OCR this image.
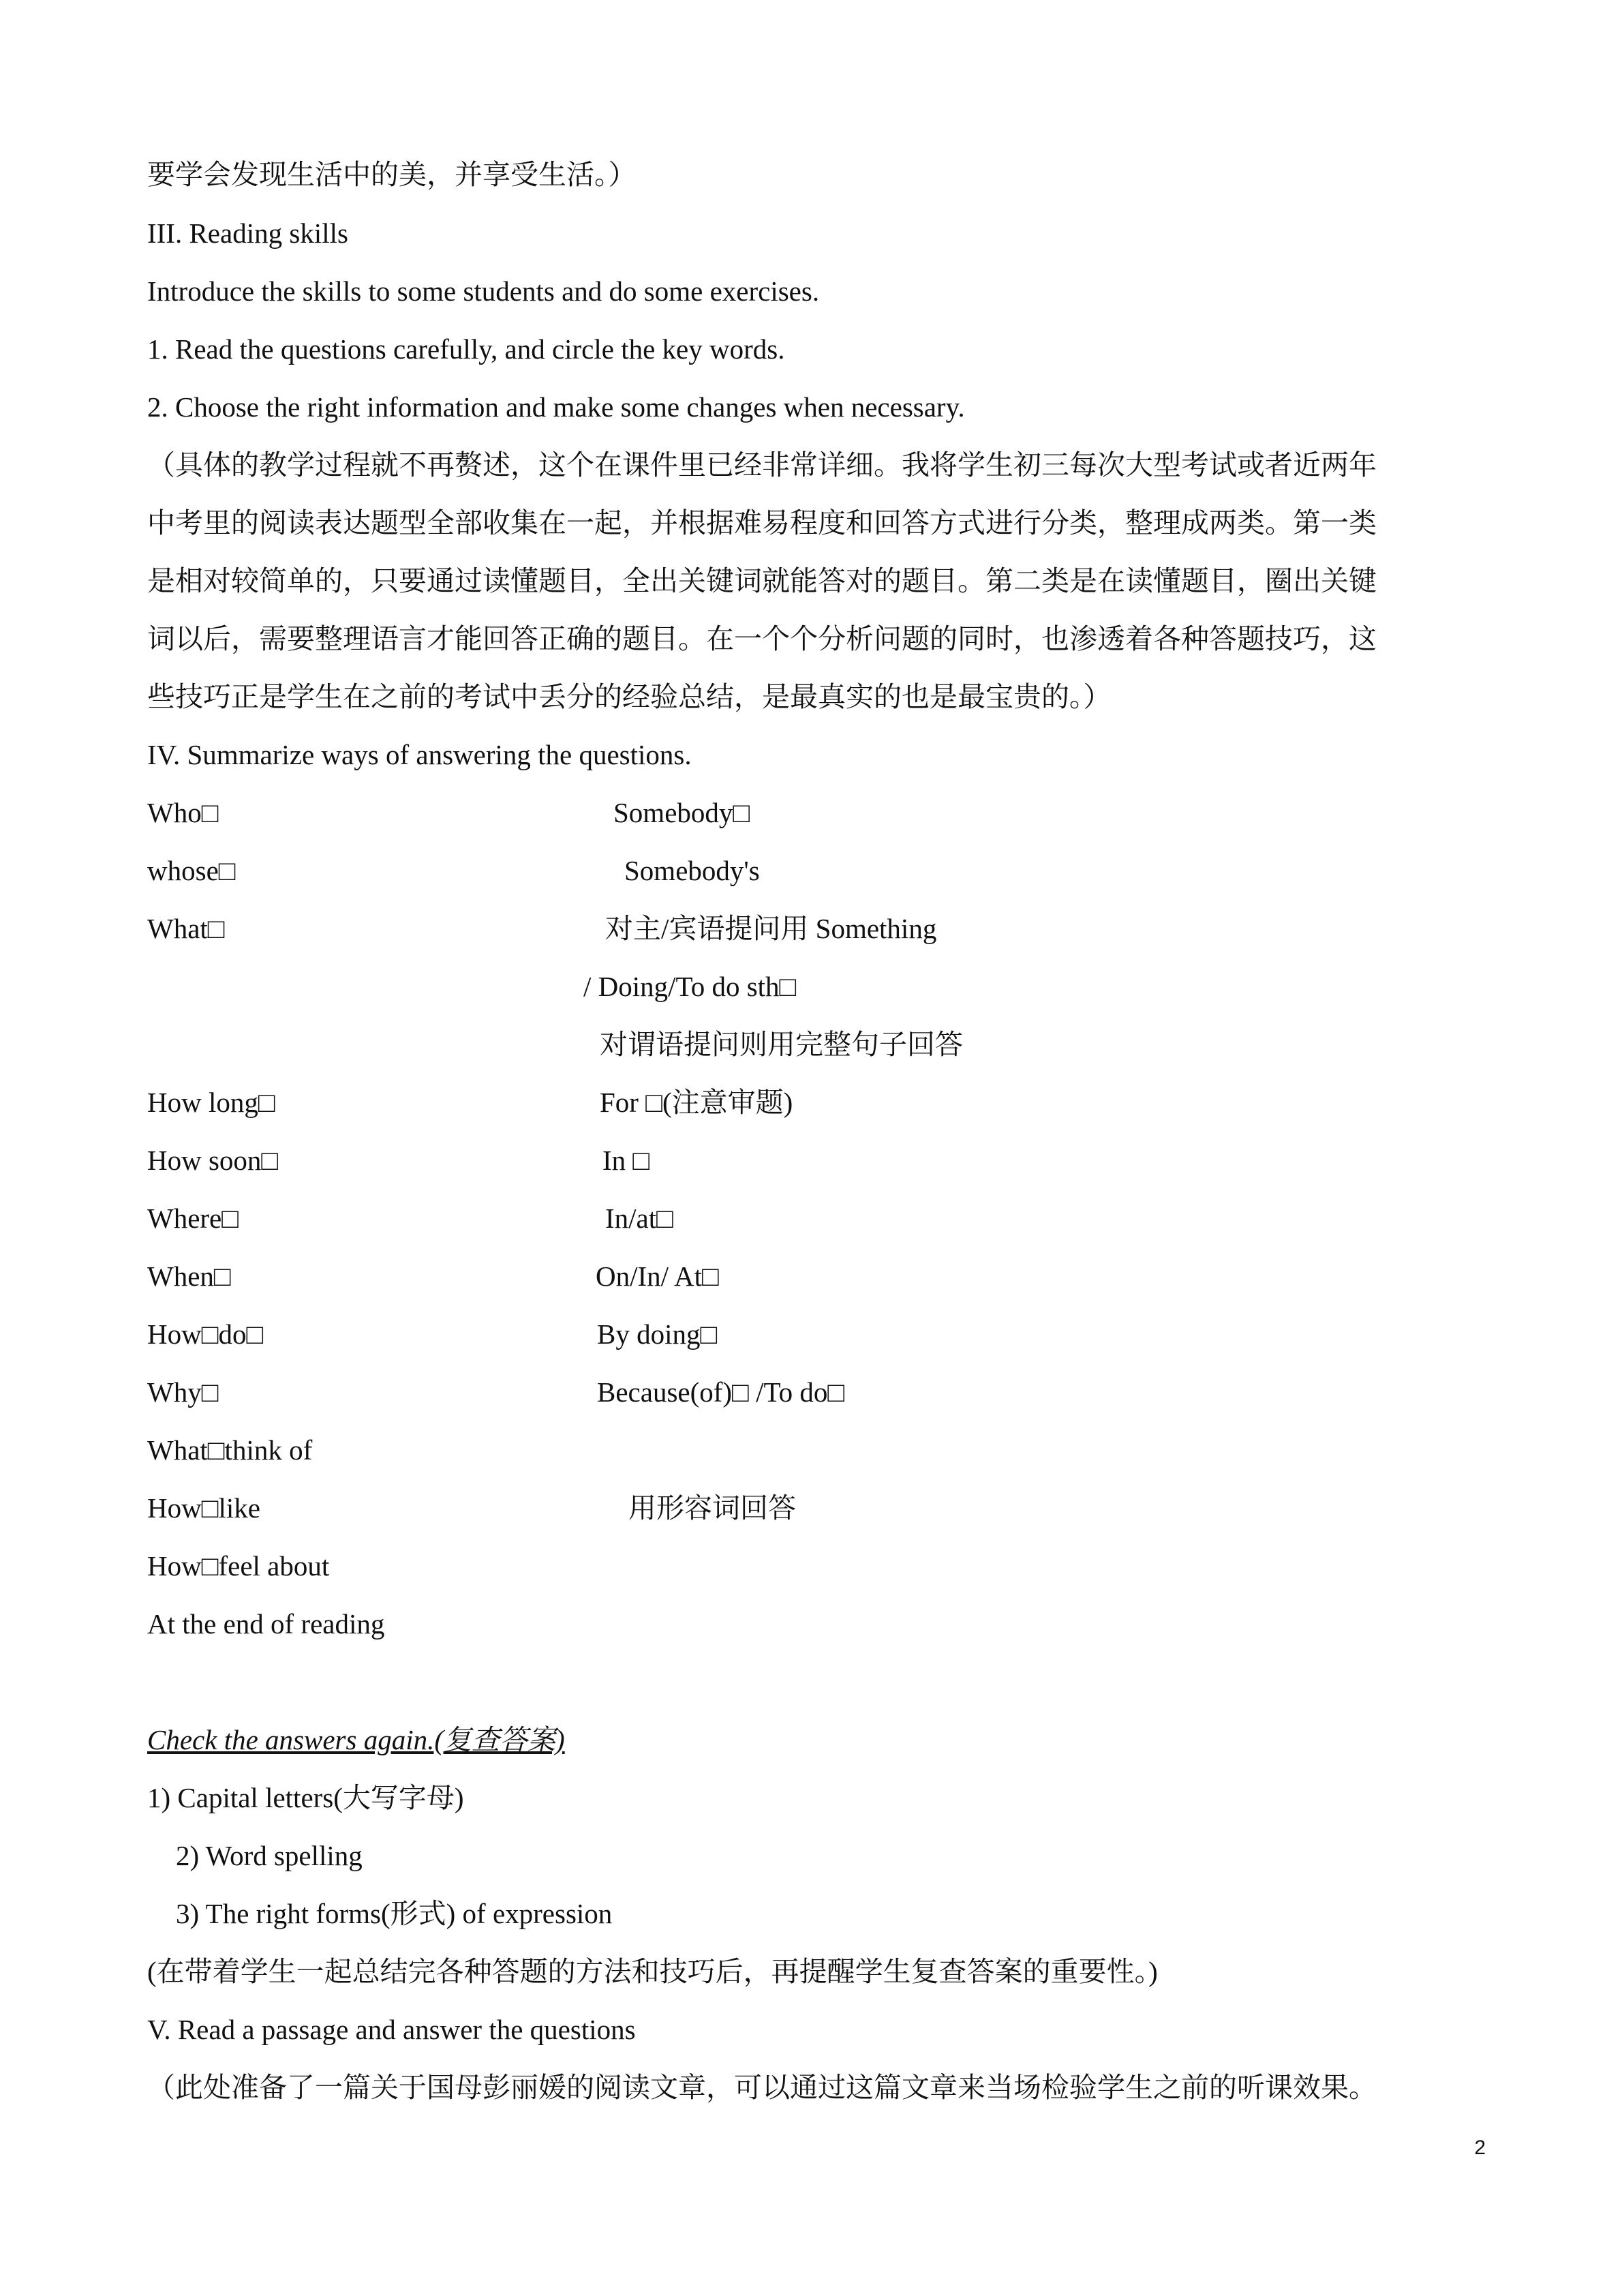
要学会发现生活中的美，并享受生活。）
III. Reading skills
Introduce the skills to some students and do some exercises.
1. Read the questions carefully, and circle the key words.
2. Choose the right information and make some changes when necessary.
（具体的教学过程就不再赘述，这个在课件里已经非常详细。我将学生初三每次大型考试或者近两年
中考里的阅读表达题型全部收集在一起，并根据难易程度和回答方式进行分类，整理成两类。第一类
是相对较简单的，只要通过读懂题目，全出关键词就能答对的题目。第二类是在读懂题目，圈出关键
词以后，需要整理语言才能回答正确的题目。在一个个分析问题的同时，也渗透着各种答题技巧，这
些技巧正是学生在之前的考试中丢分的经验总结，是最真实的也是最宝贵的。）
IV. Summarize ways of answering the questions.
Who□	Somebody□
whose□	Somebody's
What□	对主/宾语提问用 Something
/ Doing/To do sth□
对谓语提问则用完整句子回答
How long□	For □(注意审题)
How soon□	In □
Where□	In/at□
When□	On/In/ At□
How□do□	By doing□
Why□	Because(of)□ /To do□
What□think of
How□like	用形容词回答
How□feel about
At the end of reading
Check the answers again.(复查答案)
1) Capital letters(大写字母)
2) Word spelling
3) The right forms(形式) of expression
(在带着学生一起总结完各种答题的方法和技巧后，再提醒学生复查答案的重要性。)
V. Read a passage and answer the questions
（此处准备了一篇关于国母彭丽媛的阅读文章，可以通过这篇文章来当场检验学生之前的听课效果。
2
